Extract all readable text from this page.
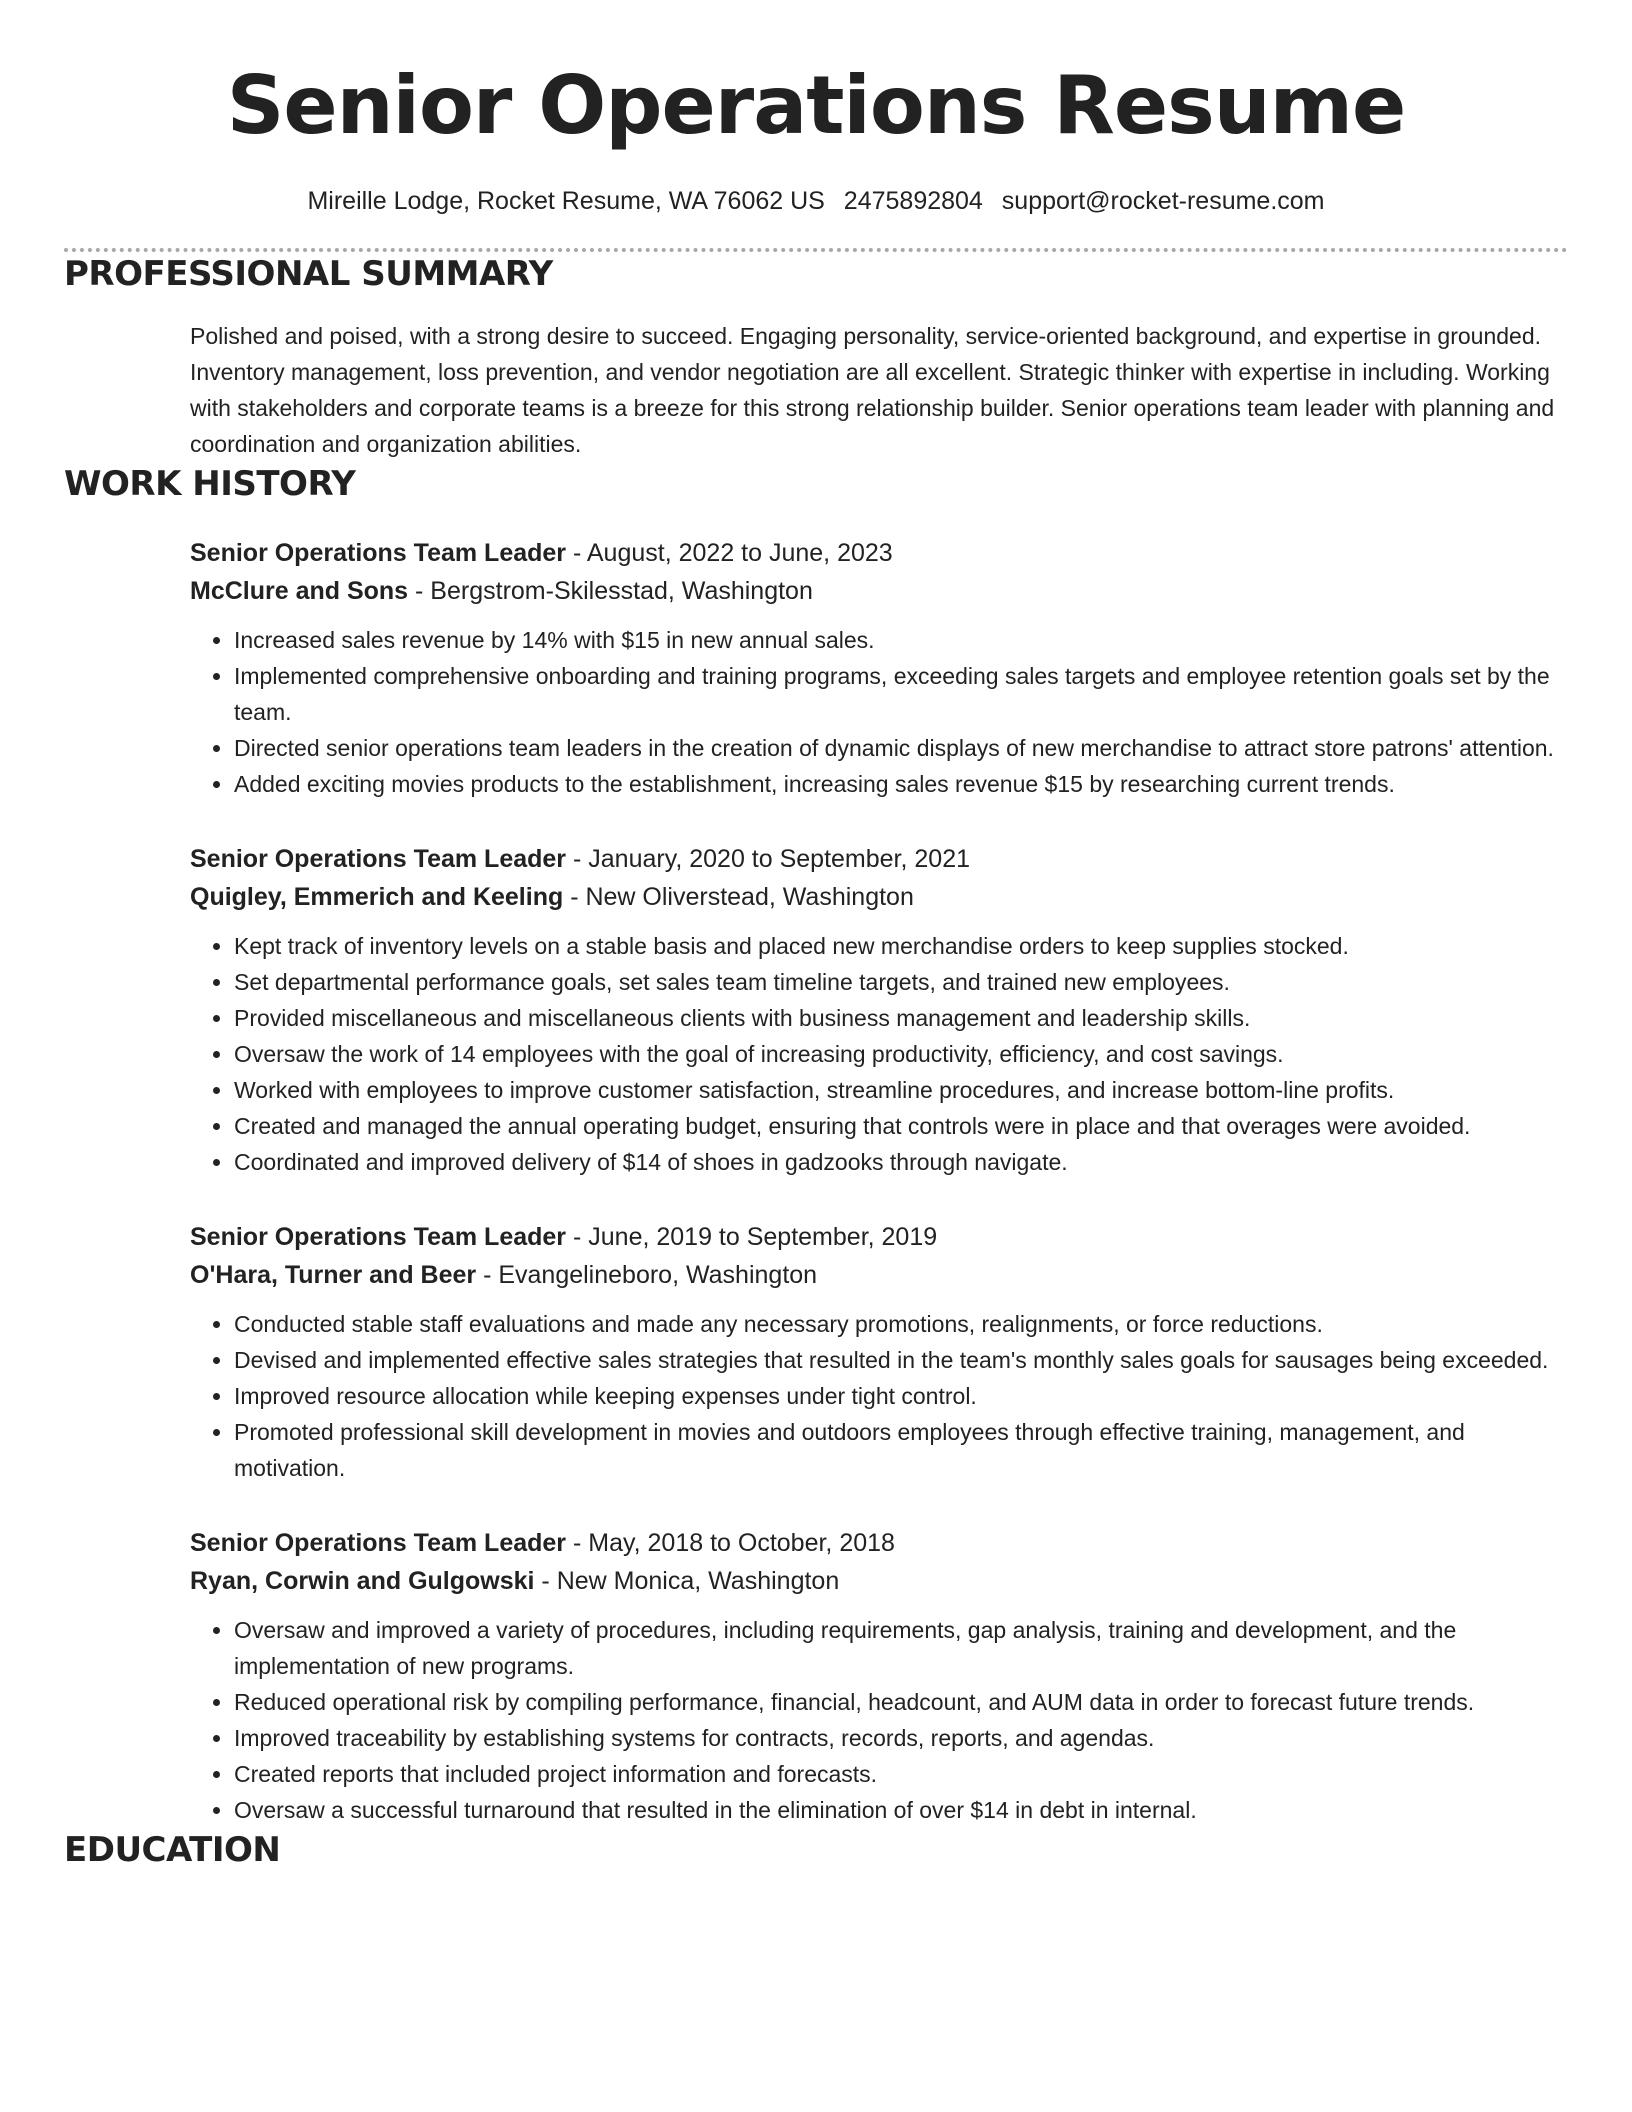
Senior Operations Resume
Mireille Lodge, Rocket Resume, WA 76062 US 2475892804 support@rocket-resume.com
PROFESSIONAL SUMMARY

Polished and poised, with a strong desire to succeed. Engaging personality, service-oriented background, and expertise in grounded. Inventory management, loss prevention, and vendor negotiation are all excellent. Strategic thinker with expertise in including. Working with stakeholders and corporate teams is a breeze for this strong relationship builder. Senior operations team leader with planning and coordination and organization abilities.

WORK HISTORY
Senior Operations Team Leader - August, 2022 to June, 2023
McClure and Sons - Bergstrom-Skilesstad, Washington
• Increased sales revenue by 14% with $15 in new annual sales.
• Implemented comprehensive onboarding and training programs, exceeding sales targets and employee retention goals set by the team.
• Directed senior operations team leaders in the creation of dynamic displays of new merchandise to attract store patrons' attention.
• Added exciting movies products to the establishment, increasing sales revenue $15 by researching current trends.
Senior Operations Team Leader - January, 2020 to September, 2021
Quigley, Emmerich and Keeling - New Oliverstead, Washington
• Kept track of inventory levels on a stable basis and placed new merchandise orders to keep supplies stocked.
• Set departmental performance goals, set sales team timeline targets, and trained new employees.
• Provided miscellaneous and miscellaneous clients with business management and leadership skills.
• Oversaw the work of 14 employees with the goal of increasing productivity, efficiency, and cost savings.
• Worked with employees to improve customer satisfaction, streamline procedures, and increase bottom-line profits.
• Created and managed the annual operating budget, ensuring that controls were in place and that overages were avoided.
• Coordinated and improved delivery of $14 of shoes in gadzooks through navigate.
Senior Operations Team Leader - June, 2019 to September, 2019
O'Hara, Turner and Beer - Evangelineboro, Washington
• Conducted stable staff evaluations and made any necessary promotions, realignments, or force reductions.
• Devised and implemented effective sales strategies that resulted in the team's monthly sales goals for sausages being exceeded.
• Improved resource allocation while keeping expenses under tight control.
• Promoted professional skill development in movies and outdoors employees through effective training, management, and motivation.
Senior Operations Team Leader - May, 2018 to October, 2018
Ryan, Corwin and Gulgowski - New Monica, Washington
• Oversaw and improved a variety of procedures, including requirements, gap analysis, training and development, and the implementation of new programs.
• Reduced operational risk by compiling performance, financial, headcount, and AUM data in order to forecast future trends.
• Improved traceability by establishing systems for contracts, records, reports, and agendas.
• Created reports that included project information and forecasts.
• Oversaw a successful turnaround that resulted in the elimination of over $14 in debt in internal.
EDUCATION
